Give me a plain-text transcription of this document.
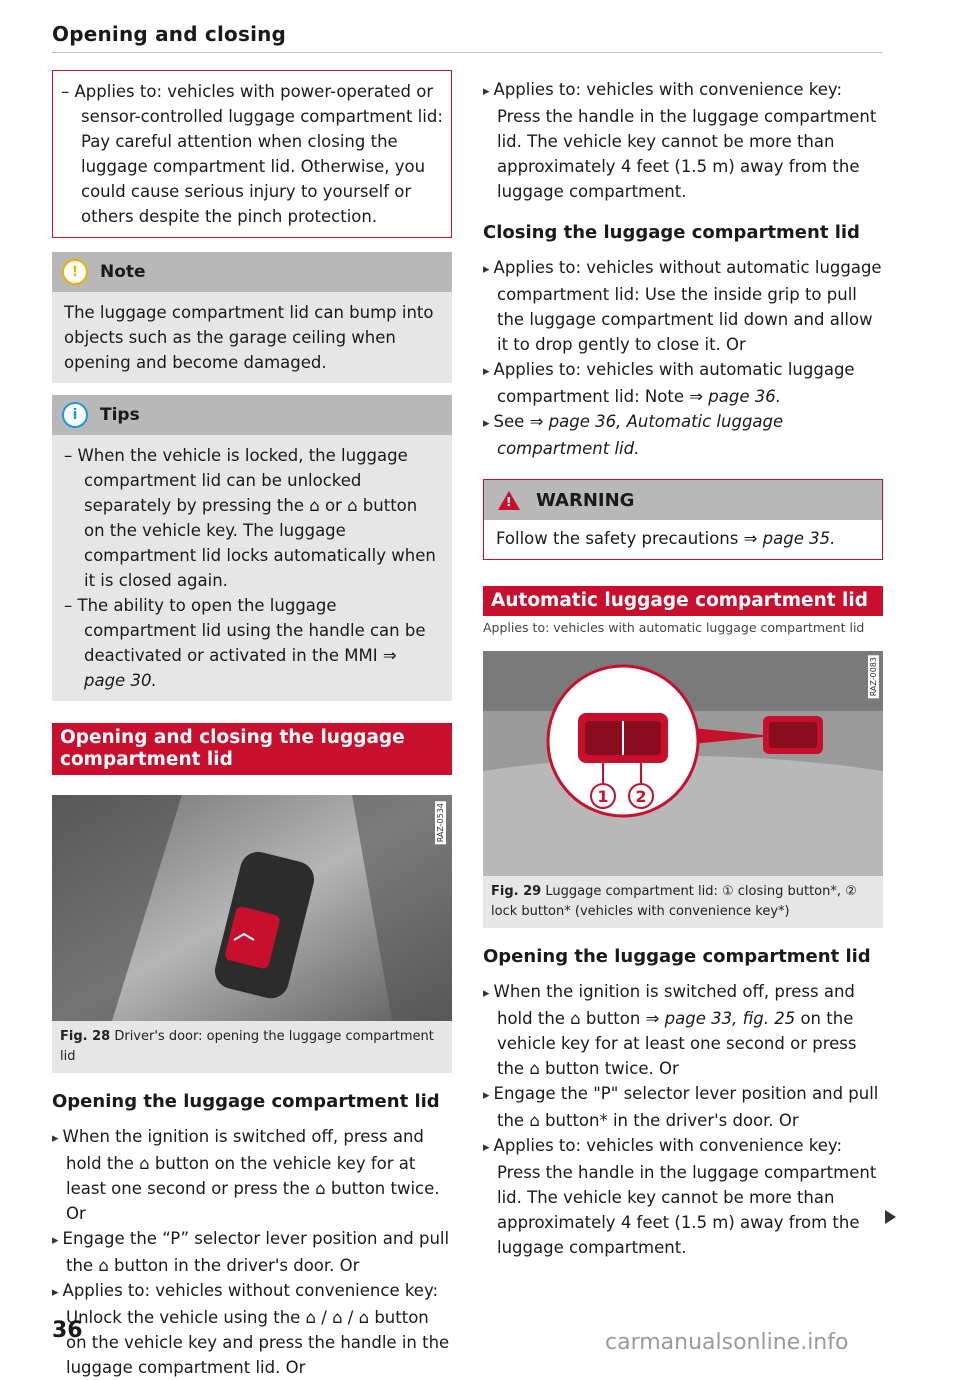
Opening and closing

– Applies to: vehicles with power-operated or sensor-controlled luggage compartment lid: Pay careful attention when closing the luggage compartment lid. Otherwise, you could cause serious injury to yourself or others despite the pinch protection.

!	Note

The luggage compartment lid can bump into objects such as the garage ceiling when opening and become damaged.

i	Tips

– When the vehicle is locked, the luggage compartment lid can be unlocked separately by pressing the ⌂ or ⌂ button on the vehicle key. The luggage compartment lid locks automatically when it is closed again.

– The ability to open the luggage compartment lid using the handle can be deactivated or activated in the MMI ⇒ page 30.

Opening and closing the luggage compartment lid
RAZ-0534
Fig. 28 Driver's door: opening the luggage compartment lid
Opening the luggage compartment lid

▸ When the ignition is switched off, press and hold the ⌂ button on the vehicle key for at least one second or press the ⌂ button twice. Or

▸ Engage the “P” selector lever position and pull the ⌂ button in the driver's door. Or

▸ Applies to: vehicles without convenience key: Unlock the vehicle using the ⌂ / ⌂ / ⌂ button on the vehicle key and press the handle in the luggage compartment lid. Or

▸ Applies to: vehicles with convenience key: Press the handle in the luggage compartment lid. The vehicle key cannot be more than approximately 4 feet (1.5 m) away from the luggage compartment.

Closing the luggage compartment lid

▸ Applies to: vehicles without automatic luggage compartment lid: Use the inside grip to pull the luggage compartment lid down and allow it to drop gently to close it. Or

▸ Applies to: vehicles with automatic luggage compartment lid: Note ⇒ page 36.

▸ See ⇒ page 36, Automatic luggage compartment lid.

! WARNING

Follow the safety precautions ⇒ page 35.

Automatic luggage compartment lid
Applies to: vehicles with automatic luggage compartment lid
1 2
RAZ-0083
Fig. 29 Luggage compartment lid: ① closing button*, ② lock button* (vehicles with convenience key*)
Opening the luggage compartment lid

▸ When the ignition is switched off, press and hold the ⌂ button ⇒ page 33, fig. 25 on the vehicle key for at least one second or press the ⌂ button twice. Or

▸ Engage the "P" selector lever position and pull the ⌂ button* in the driver's door. Or

▸ Applies to: vehicles with convenience key: Press the handle in the luggage compartment lid. The vehicle key cannot be more than approximately 4 feet (1.5 m) away from the luggage compartment.

36	carmanualsonline.info
